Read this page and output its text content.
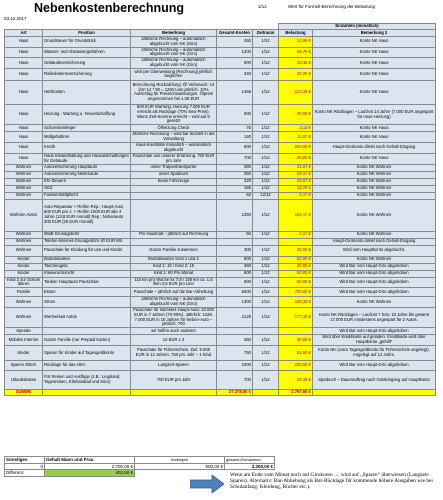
Nebenkostenberechnung	1/12	Wert für Formell-Berechnung der Belastung
03.12.2017
					Einzahlen (monatlich)	
Art	Position	Bemerkung	Gesamt-Kosten	Zeitraum	Belastung	Bemerkung 2
Haus	Grundsteuer für Grundstück	Jährliche Rechnung – automatisch abgebucht vom NK (Giro)	250	1/12	13,99 €	Konto NK Haus
Haus	Wasser- und Abwassergebühren	Jährliche Rechnung – automatisch abgebucht vom NK (Giro)	1200	1/12	66,70 €	Konto NK Haus
Haus	Gebäudeversicherung	Jährliche Rechnung – automatisch abgebucht vom NK (Giro)	600	1/12	33,35 €	Konto NK Haus
Haus	Risikolebensversicherung	wird per Überweisung (Rechnung) jährlich beglichen	340	1/12	32,26 €	Konto NK Haus
Haus	Heizkosten	Berechnung Rückzahlung: Öl Verbrauch: 14 l/m² 14 * 90 = 1260 Liter jährlich. 10% Aufschlag für Preisschwankungen. Ölpreis angenommen bei 1.06 EUR	1468	1/12	122,33 €	Konto NK Haus
Haus	Heizung - Wartung u. Neuanschaffung	500 EUR Wartung; Heizung 7.000 EUR erreicht als Rücklage (70% Neu-Preis). Wenn Zeit-Summe erreicht – wird auf 0 gesetzt	500	1/12	20,83 €	Konto NK Rücklagen – Laufzeit 14 Jahre (7.000 EUR angespart für neue Heizung)
Haus	Schornsteinfeger	Ölheizung Check	75	1/12	3,13 €	Konto NK Haus
Haus	Müllgebühren	Jährliche Rechnung – wird bar bezahlt in der Verwaltung	140	1/12	11,67 €	Konto NK Haus
Haus	Kredit	Haus-Kreditrate monatlich – automatisch abgebucht	600	1/12	600,00 €	Haupt-Girokonto direkt nach Gehalt-Eingang
Haus	Haus Instandhaltung und Hausanschaffungen für Gebäude	Pauschale aus unserer Erfahrung. 700 EUR pro Jahr	700	1/12	50,00 €	Konto NK Haus
Wohnen	Autoversicherung Hauptauto	unser Trutpentransporter	380	1/12	31,67 €	Konto NK Wohnen
Wohnen	Autoversicherung Nebenauto	unser Sparbuch	350	1/12	29,17 €	Konto NK Wohnen
Wohnen	Kfz-Steuern	beide Fahrzeuge	320	1/12	26,67 €	Konto NK Wohnen
Wohnen	GEZ		165	1/12	13,75 €	Konto NK Wohnen
Wohnen	Familienhaftpflicht		62	12/12	5,17 €	Konto NK Wohnen
Wohnen Autos	Auto-Reparatur + Reifen Rep.; Haupt-Auto 600 EUR pro J. + Reifen 1000 EUR alle 4 Jahre (13,8 EUR monatl) Rep.; Nebenauto 300 EUR (25 EUR monatl)		1250	1/12	104,17 €	Konto NK Wohnen
Wohnen	Wildt-Grundgebühr	Pro Haushalt – jährlich auf Rechnung	50	1/12	4,17 €	Konto NK Wohnen
Wohnen	Telefon-Internet-Grundgebühr 40 EUR Mtl.					Haupt-Girokonto direkt nach Gehalt-Eingang
Wohnen	Pauschale für Kleidung für uns und Kinder	Ganze Familie zusammen	300	1/12	25,00 €	Wird vom Hauptkonto abgebucht.
Kinder	Busfahrkarten	Busfahrkarten Kind 1 und 2	600	1/12	50,00 €	Konto NK Wohnen
Kinder	Taschengeld	Kind 1: 15 / Kind 2: 15	360	1/12	30,00 €	Wird Bar vom Haupt-Giro abgehoben
Kinder	Klavierunterricht	Kind 1: 60 Pro Monat	600	1/12	50,00 €	Wird Bar vom Haupt-Giro abgehoben
Kind 2 zur Schule fahren	Tanken Hauptauto Pauschale	110 km pro Woche 5x 7,8 / 100 km ca. 1.5 l/km 4,5 EUR pro Liter	600	1/12	50,00 €	Wird Bar vom Haupt-Giro abgehoben
Familie	Essen	Pauschale – jährlich auf die Bar-Abhebung	8400	1/12	700,00 €	Wird Bar vom Haupt-Giro abgehoben
Wohnen	Strom	Jährliche Rechnung – automatisch abgebucht vom NK (Giro)	1300	1/12	108,33 €	Konto NK Wohnen
Wohnen	Wertverlust Autos	Pauschale für nächstes Haupt-Auto: 10.000 EUR in 7 Jahren (70-80%). Jährlich: 1428. 7.000 EUR in 10 Jahren für Neben-Auto – jährlich: 700	2128	1/12	177,33 €	Konto NK Rücklagen – Laufzeit 7 bzw. 10 Jahre bis gesamt 17.000 EUR mindestens angespart für 2 Autos.
Spende		wir helfen auch anderen				Wird Bar vom Haupt-Giro abgehoben
Mobiles Internet	Ganze Familie (nur Prepaid Karten)	10 EUR x 3	360	1/12	30,00 €	Wird über Kreditkarte auf geladen. Kreditkarte wird über Hauptkonto „gefüllt“
Kinder	Sparen für Kinder auf Tagesgeldkonto	Pauschale für Führerschein. Ziel: 9.000 EUR in 12 Jahren. 750 pro Jahr – 1 Kind	750	1/12	62,50 €	Konto NK (extra Tagesgeldkonto für Führerschein angelegt). Angelegt auf 12 Jahre.
Sparen Eltern	Rücklage für das Alter.	Langzeit-Sparen	2400	1/12	200,00 €	Wird Bar vom Haupt-Giro abgehoben
Urlaubskasse	Für Reisen und Ausflüge (z.B.: Legoland, Tagesreisen, Erlebnisbad und Kino)	700 EUR pro Jahr	700	1/12	58,33 €	Sparbuch – Dauerauftrag nach Geldeingang auf Hauptkonto
SUMME			27.378,00 €		2.797,50 €	
Sonstiges	Gehalt Mann und Frau	Kindergeld	gesamt-Einnahmen
0	2.700,00 €	500,00 €	3.200,00 €
Differenz	402,50 €			Wenn am Ende vom Monat noch auf Girokonto → wird auf „Sparen“ überwiesen (Langzeit-Sparen). Alternativ: Bar-Abhebung als Bar-Rücklage für kommende höhere Ausgaben wie bei Schulanfang: Kleidung, Bücher etc.).
